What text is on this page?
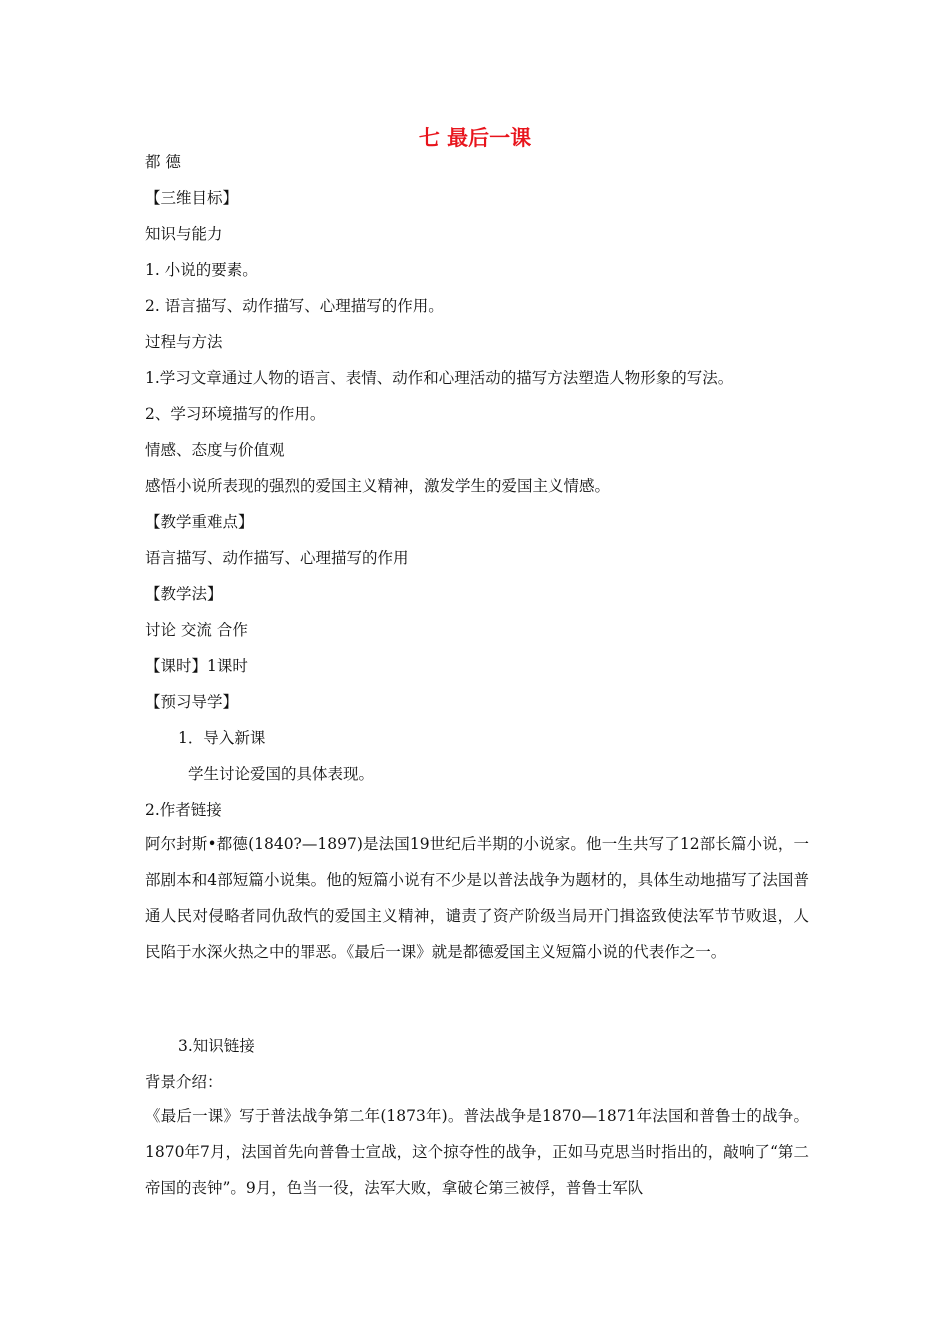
七 最后一课
都 德
【三维目标】
知识与能力
1. 小说的要素。
2. 语言描写、动作描写、心理描写的作用。
过程与方法
1.学习文章通过人物的语言、表情、动作和心理活动的描写方法塑造人物形象的写法。
2、学习环境描写的作用。
情感、态度与价值观
感悟小说所表现的强烈的爱国主义精神，激发学生的爱国主义情感。
【教学重难点】
语言描写、动作描写、心理描写的作用
【教学法】
讨论 交流 合作
【课时】1课时
【预习导学】
1．导入新课
学生讨论爱国的具体表现。
2.作者链接
阿尔封斯•都德(1840?—1897)是法国19世纪后半期的小说家。他一生共写了12部长篇小说，一部剧本和4部短篇小说集。他的短篇小说有不少是以普法战争为题材的，具体生动地描写了法国普通人民对侵略者同仇敌忾的爱国主义精神，谴责了资产阶级当局开门揖盗致使法军节节败退，人民陷于水深火热之中的罪恶。《最后一课》就是都德爱国主义短篇小说的代表作之一。
3.知识链接
背景介绍：
《最后一课》写于普法战争第二年(1873年)。普法战争是1870—1871年法国和普鲁士的战争。1870年7月，法国首先向普鲁士宣战，这个掠夺性的战争，正如马克思当时指出的，敲响了“第二帝国的丧钟”。9月，色当一役，法军大败，拿破仑第三被俘，普鲁士军队
